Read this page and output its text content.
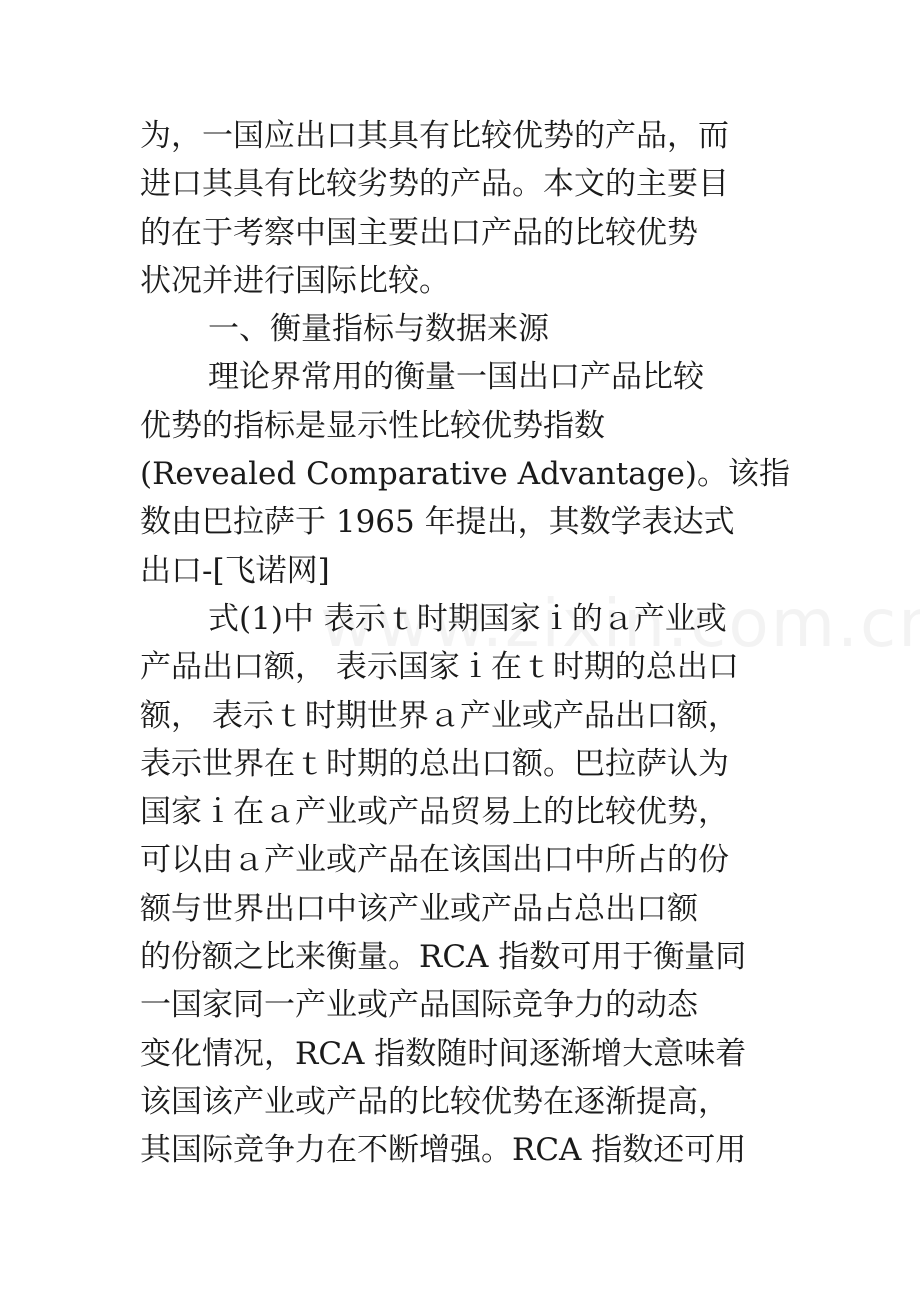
为，一国应出口其具有比较优势的产品，而
进口其具有比较劣势的产品。本文的主要目
的在于考察中国主要出口产品的比较优势
状况并进行国际比较。
一、衡量指标与数据来源
理论界常用的衡量一国出口产品比较
优势的指标是显示性比较优势指数
(Revealed Comparative Advantage)。该指
数由巴拉萨于 1965 年提出，其数学表达式
出口-[飞诺网]
式(1)中 表示ｔ时期国家ｉ的ａ产业或
产品出口额， 表示国家ｉ在ｔ时期的总出口
额， 表示ｔ时期世界ａ产业或产品出口额，
表示世界在ｔ时期的总出口额。巴拉萨认为
国家ｉ在ａ产业或产品贸易上的比较优势，
可以由ａ产业或产品在该国出口中所占的份
额与世界出口中该产业或产品占总出口额
的份额之比来衡量。RCA 指数可用于衡量同
一国家同一产业或产品国际竞争力的动态
变化情况，RCA 指数随时间逐渐增大意味着
该国该产业或产品的比较优势在逐渐提高，
其国际竞争力在不断增强。RCA 指数还可用
